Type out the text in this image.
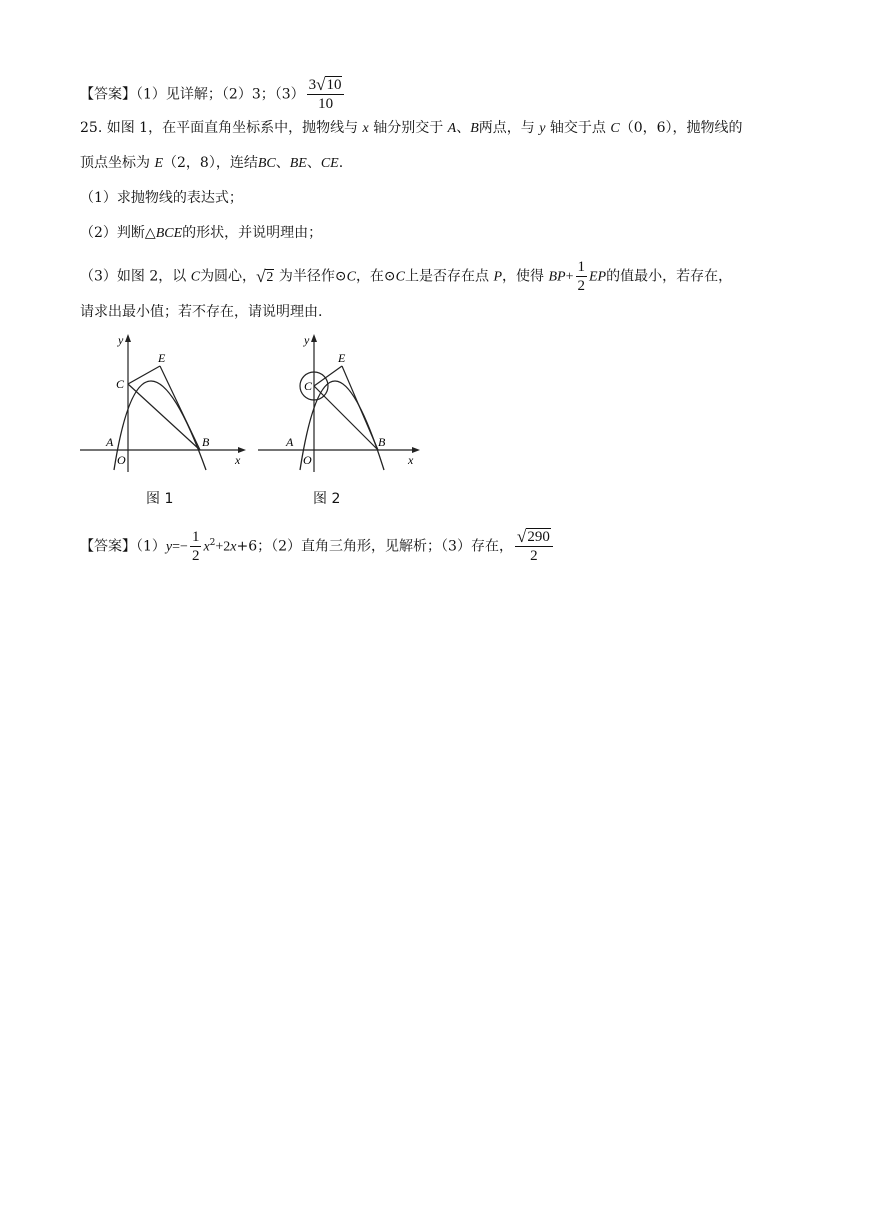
【答案】（1）见详解；（2）3；$(3) \frac{3√10}{10}$
25. 如图 1，在平面直角坐标系中，抛物线与 x 轴分别交于 A、B两点，与 y 轴交于点 C（0，6），抛物线的
顶点坐标为 E（2，8），连结BC、BE、CE.
（1）求抛物线的表达式；
（2）判断△BCE的形状，并说明理由；
（3）如图 2，以 C为圆心，√2 为半径作⊙C，在⊙C上是否存在点 P，使得 $BP+ \frac{1}{2}$ EP的值最小，若存在，
请求出最小值；若不存在，请说明理由.
y
x
O
A	B
C
E
图 1
y
x
O
A	B
C
E
图 2
【答案】$(1)y=- \frac{1}{2} x^2+2x+6$；（2）直角三角形，见解析；（3）存在， $\frac{√290}{2}$
